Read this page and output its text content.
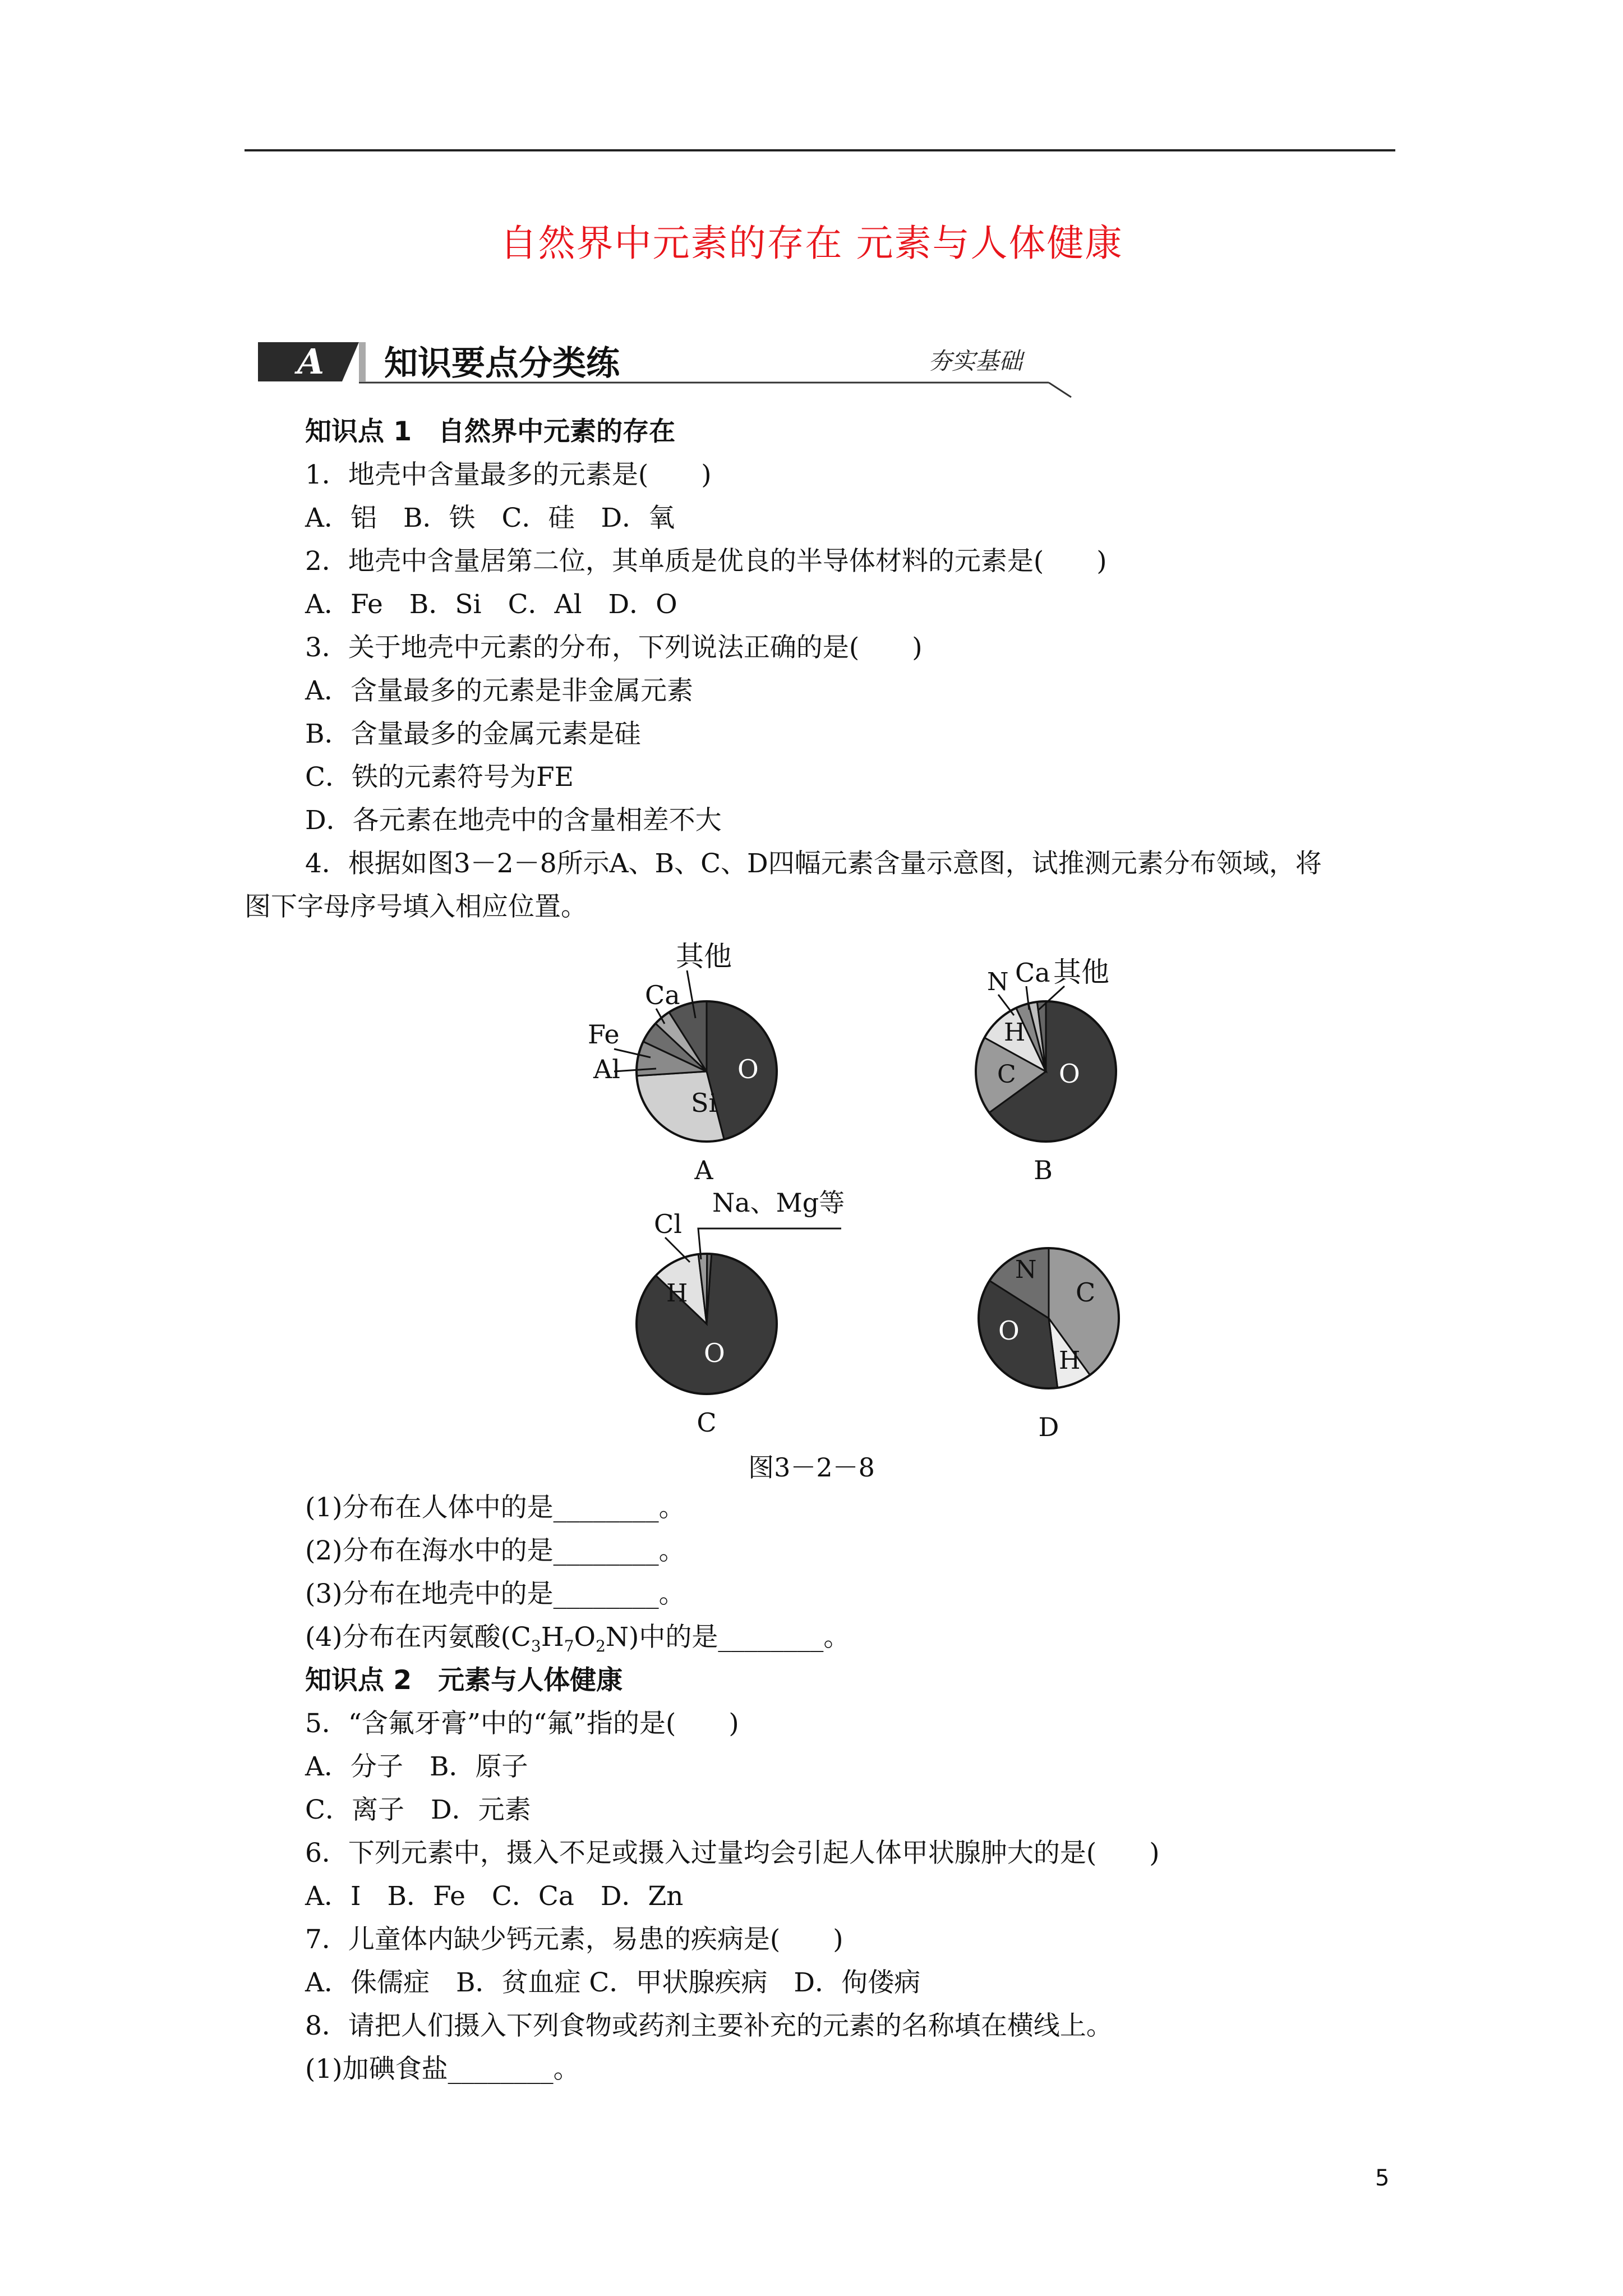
自然界中元素的存在 元素与人体健康
A 知识要点分类练	夯实基础
知识点 1　自然界中元素的存在
1．地壳中含量最多的元素是(　　)
A．铝　B．铁　C．硅　D．氧
2．地壳中含量居第二位，其单质是优良的半导体材料的元素是(　　)
A．Fe　B．Si　C．Al　D．O
3．关于地壳中元素的分布，下列说法正确的是(　　)
A．含量最多的元素是非金属元素
B．含量最多的金属元素是硅
C．铁的元素符号为FE
D．各元素在地壳中的含量相差不大
4．根据如图3－2－8所示A、B、C、D四幅元素含量示意图，试推测元素分布领域，将
图下字母序号填入相应位置。
O
Si
Al
Fe
Ca
其他
A
O
C
H
N Ca 其他
B
O
H
Cl
Na、Mg等
C
C
H
O
N
D
图3－2－8
(1)分布在人体中的是________。
(2)分布在海水中的是________。
(3)分布在地壳中的是________。
(4)分布在丙氨酸$(C_3H_7O_2N)$中的是________。
知识点 2　元素与人体健康
5．“含氟牙膏”中的“氟”指的是(　　)
A．分子　B．原子
C．离子　D．元素
6．下列元素中，摄入不足或摄入过量均会引起人体甲状腺肿大的是(　　)
A．I　B．Fe　C．Ca　D．Zn
7．儿童体内缺少钙元素，易患的疾病是(　　)
A．侏儒症　B．贫血症 C．甲状腺疾病　D．佝偻病
8．请把人们摄入下列食物或药剂主要补充的元素的名称填在横线上。
(1)加碘食盐________。
5
